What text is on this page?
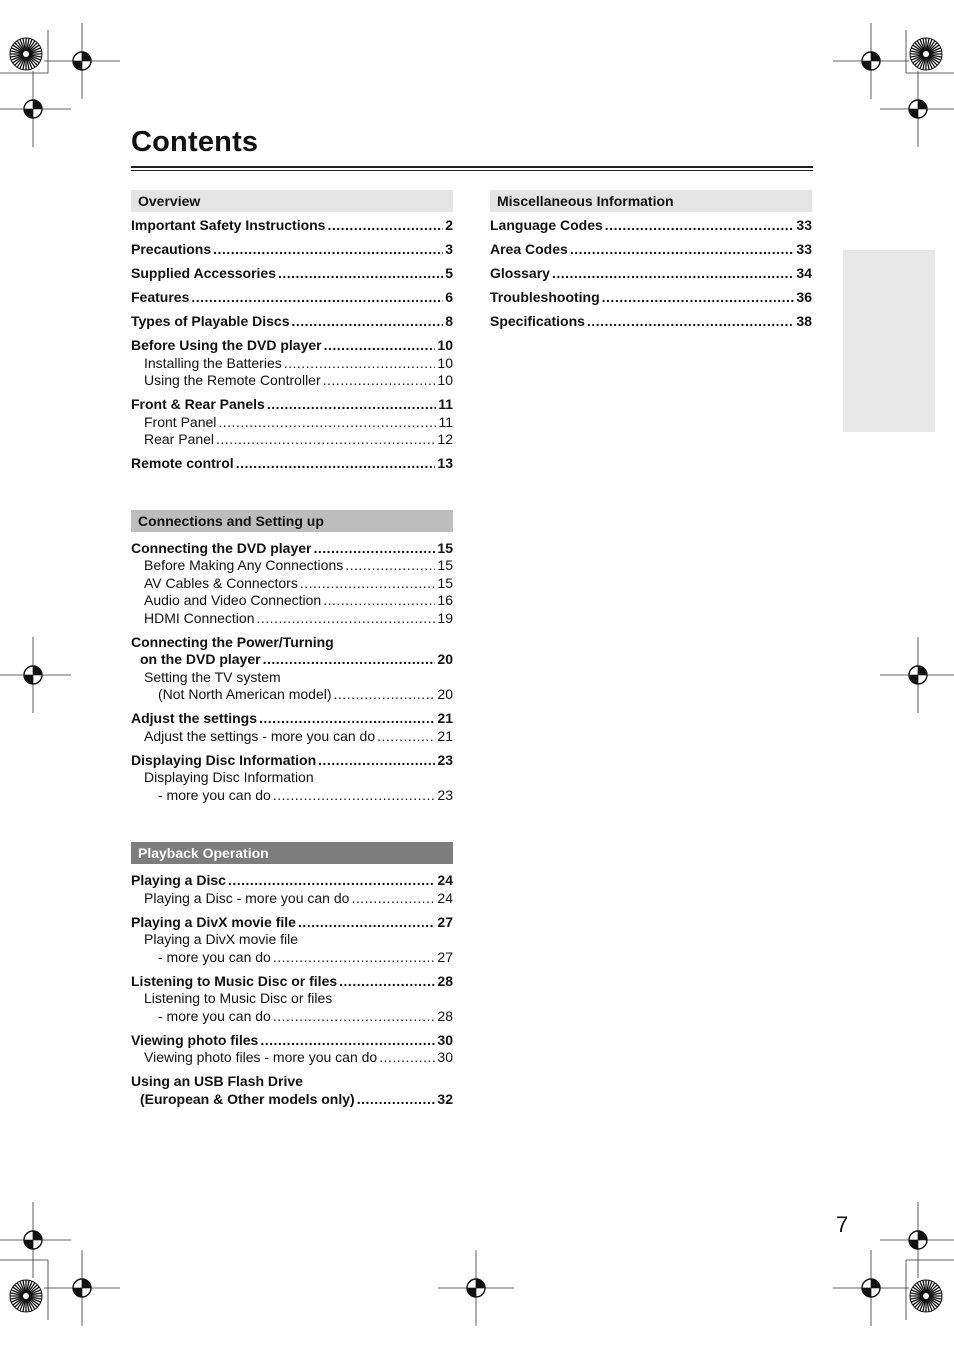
Contents
Overview
Important Safety Instructions .....	2
Precautions .....	3
Supplied Accessories .....	5
Features .....	6
Types of Playable Discs .....	8
Before Using the DVD player .....	10
Installing the Batteries .....	10
Using the Remote Controller .....	10
Front & Rear Panels .....	11
Front Panel .....	11
Rear Panel .....	12
Remote control .....	13
Connections and Setting up
Connecting the DVD player .....	15
Before Making Any Connections .....	15
AV Cables & Connectors .....	15
Audio and Video Connection .....	16
HDMI Connection .....	19
Connecting the Power/Turning
on the DVD player .....	20
Setting the TV system
(Not North American model) .....	20
Adjust the settings .....	21
Adjust the settings - more you can do .....	21
Displaying Disc Information .....	23
Displaying Disc Information
- more you can do .....	23
Playback Operation
Playing a Disc .....	24
Playing a Disc - more you can do .....	24
Playing a DivX movie file .....	27
Playing a DivX movie file
- more you can do .....	27
Listening to Music Disc or files .....	28
Listening to Music Disc or files
- more you can do .....	28
Viewing photo files .....	30
Viewing photo files - more you can do .....	30
Using an USB Flash Drive
(European & Other models only) .....	32
Miscellaneous Information
Language Codes .....	33
Area Codes .....	33
Glossary .....	34
Troubleshooting .....	36
Specifications .....	38
7
